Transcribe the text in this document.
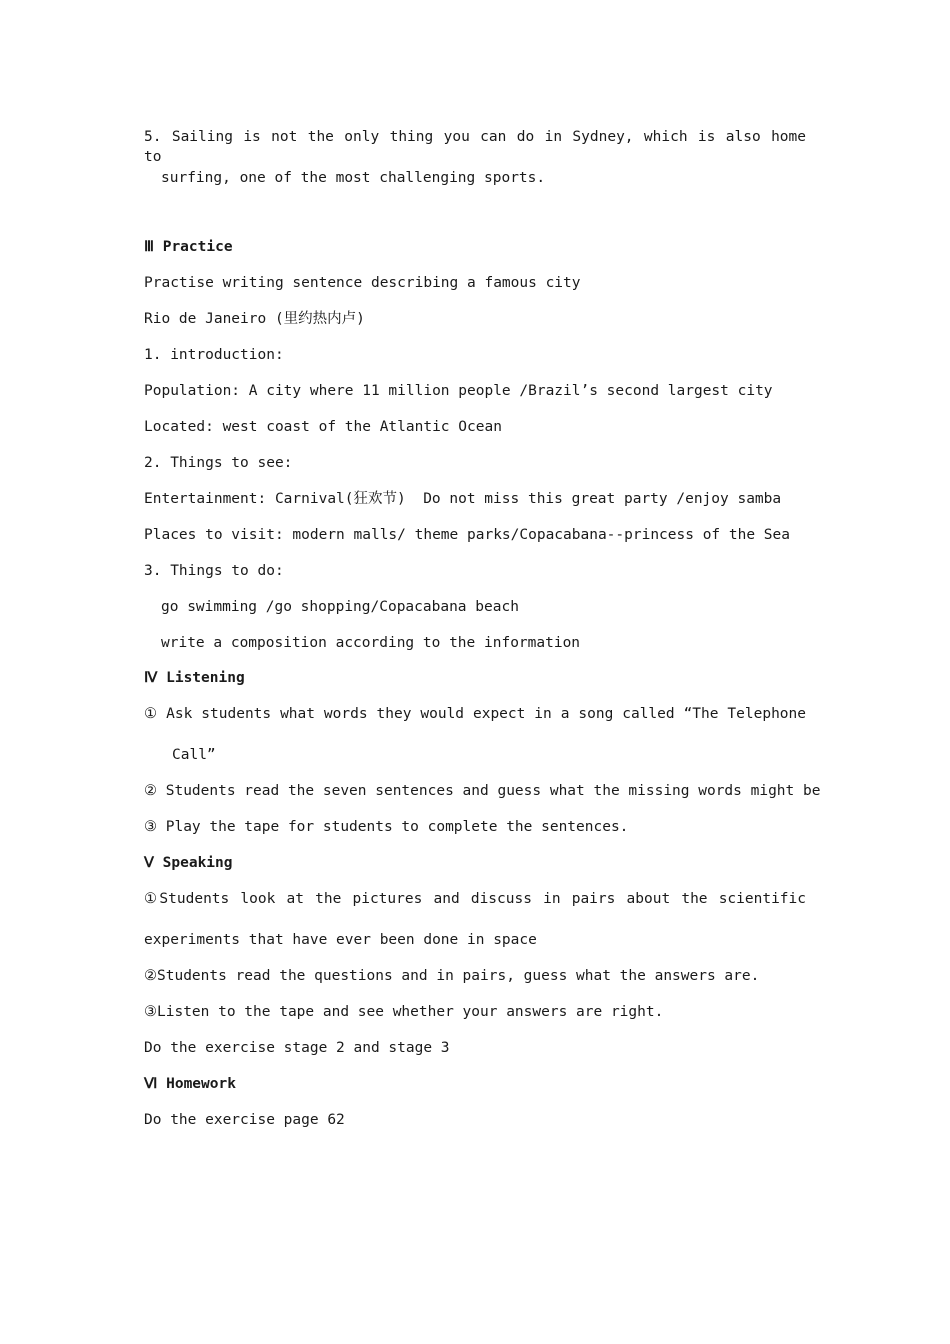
5. Sailing is not the only thing you can do in Sydney, which is also home to
surfing, one of the most challenging sports.
Ⅲ Practice
Practise writing sentence describing a famous city
Rio de Janeiro (里约热内卢)
1. introduction:
Population: A city where 11 million people /Brazil’s second largest city
Located: west coast of the Atlantic Ocean
2. Things to see:
Entertainment: Carnival(狂欢节)  Do not miss this great party /enjoy samba
Places to visit: modern malls/ theme parks/Copacabana--princess of the Sea
3. Things to do:
go swimming /go shopping/Copacabana beach
write a composition according to the information
Ⅳ Listening
① Ask students what words they would expect in a song called “The Telephone
Call”
② Students read the seven sentences and guess what the missing words might be
③ Play the tape for students to complete the sentences.
Ⅴ Speaking
①Students look at the pictures and discuss in pairs about the scientific
experiments that have ever been done in space
②Students read the questions and in pairs, guess what the answers are.
③Listen to the tape and see whether your answers are right.
Do the exercise stage 2 and stage 3
Ⅵ Homework
Do the exercise page 62
